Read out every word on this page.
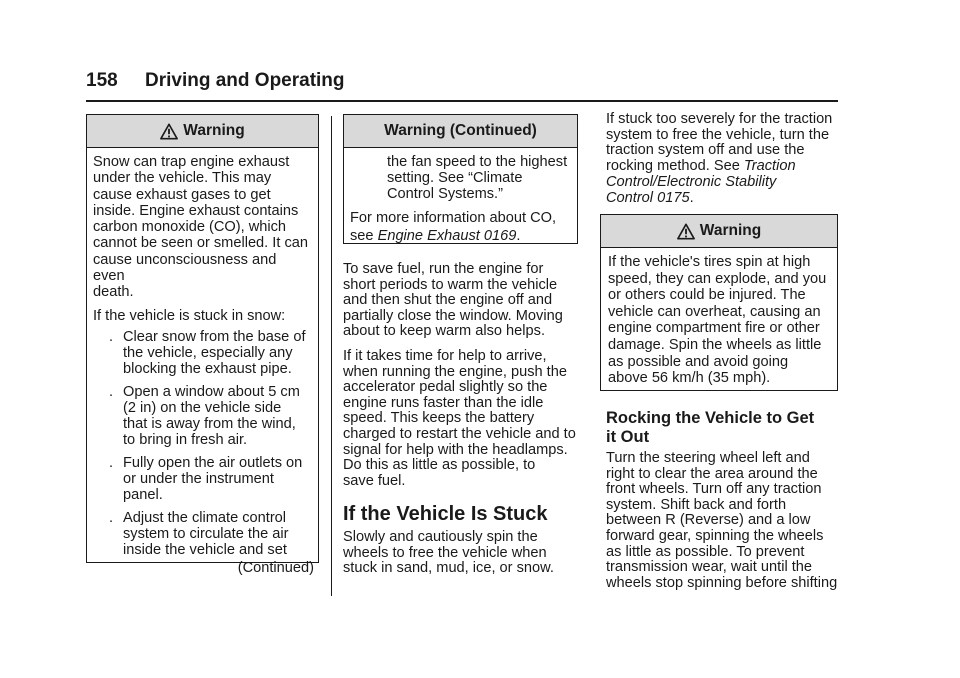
158 Driving and Operating
Warning
Snow can trap engine exhaust
under the vehicle. This may
cause exhaust gases to get
inside. Engine exhaust contains
carbon monoxide (CO), which
cannot be seen or smelled. It can
cause unconsciousness and even
death.
If the vehicle is stuck in snow:
. Clear snow from the base of
the vehicle, especially any
blocking the exhaust pipe.
. Open a window about 5 cm
(2 in) on the vehicle side
that is away from the wind,
to bring in fresh air.
. Fully open the air outlets on
or under the instrument
panel.
. Adjust the climate control
system to circulate the air
inside the vehicle and set
(Continued)
Warning (Continued)
the fan speed to the highest
setting. See “Climate
Control Systems.”
For more information about CO,
see Engine Exhaust 0169.
To save fuel, run the engine for
short periods to warm the vehicle
and then shut the engine off and
partially close the window. Moving
about to keep warm also helps.
If it takes time for help to arrive,
when running the engine, push the
accelerator pedal slightly so the
engine runs faster than the idle
speed. This keeps the battery
charged to restart the vehicle and to
signal for help with the headlamps.
Do this as little as possible, to
save fuel.
If the Vehicle Is Stuck
Slowly and cautiously spin the
wheels to free the vehicle when
stuck in sand, mud, ice, or snow.
If stuck too severely for the traction
system to free the vehicle, turn the
traction system off and use the
rocking method. See Traction
Control/Electronic Stability
Control 0175.
Warning
If the vehicle's tires spin at high
speed, they can explode, and you
or others could be injured. The
vehicle can overheat, causing an
engine compartment fire or other
damage. Spin the wheels as little
as possible and avoid going
above 56 km/h (35 mph).
Rocking the Vehicle to Get
it Out
Turn the steering wheel left and
right to clear the area around the
front wheels. Turn off any traction
system. Shift back and forth
between R (Reverse) and a low
forward gear, spinning the wheels
as little as possible. To prevent
transmission wear, wait until the
wheels stop spinning before shifting
